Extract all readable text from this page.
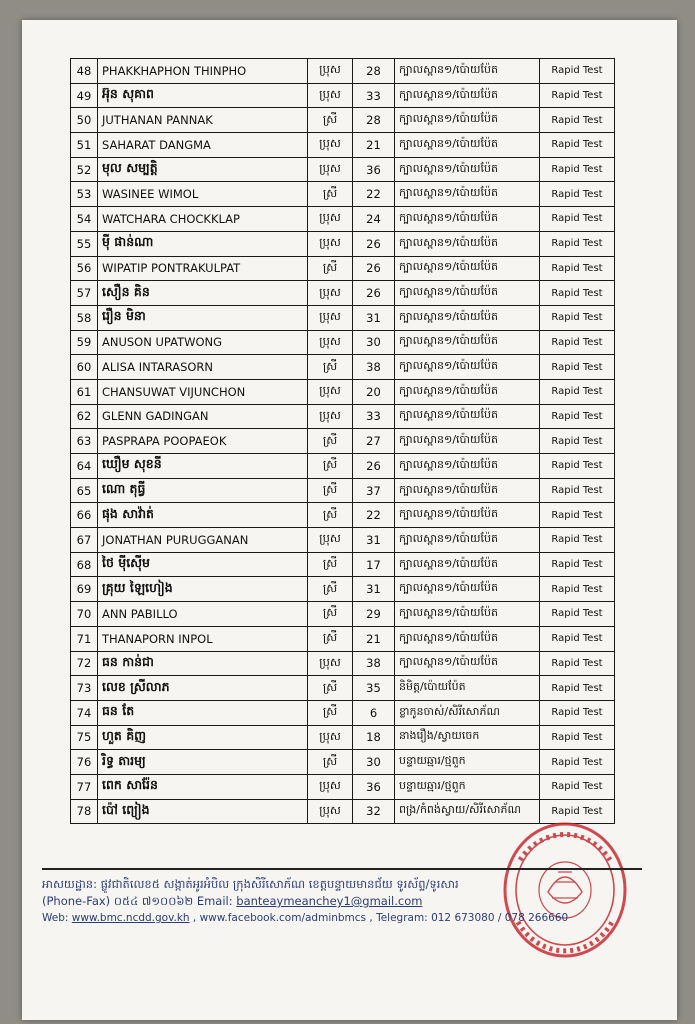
48	PHAKKHAPHON THINPHO	ប្រុស	28	ក្បាលស្ពាន១/ប៉ោយប៉ែត	Rapid Test
49	អ៊ុន សុគាព	ប្រុស	33	ក្បាលស្ពាន១/ប៉ោយប៉ែត	Rapid Test
50	JUTHANAN PANNAK	ស្រី	28	ក្បាលស្ពាន១/ប៉ោយប៉ែត	Rapid Test
51	SAHARAT DANGMA	ប្រុស	21	ក្បាលស្ពាន១/ប៉ោយប៉ែត	Rapid Test
52	មុល សម្បត្តិ	ប្រុស	36	ក្បាលស្ពាន១/ប៉ោយប៉ែត	Rapid Test
53	WASINEE WIMOL	ស្រី	22	ក្បាលស្ពាន១/ប៉ោយប៉ែត	Rapid Test
54	WATCHARA CHOCKKLAP	ប្រុស	24	ក្បាលស្ពាន១/ប៉ោយប៉ែត	Rapid Test
55	ម៉ី ផាន់ណា	ប្រុស	26	ក្បាលស្ពាន១/ប៉ោយប៉ែត	Rapid Test
56	WIPATIP PONTRAKULPAT	ស្រី	26	ក្បាលស្ពាន១/ប៉ោយប៉ែត	Rapid Test
57	សឿន គិន	ប្រុស	26	ក្បាលស្ពាន១/ប៉ោយប៉ែត	Rapid Test
58	រឿន មិនា	ប្រុស	31	ក្បាលស្ពាន១/ប៉ោយប៉ែត	Rapid Test
59	ANUSON UPATWONG	ប្រុស	30	ក្បាលស្ពាន១/ប៉ោយប៉ែត	Rapid Test
60	ALISA INTARASORN	ស្រី	38	ក្បាលស្ពាន១/ប៉ោយប៉ែត	Rapid Test
61	CHANSUWAT VIJUNCHON	ប្រុស	20	ក្បាលស្ពាន១/ប៉ោយប៉ែត	Rapid Test
62	GLENN GADINGAN	ប្រុស	33	ក្បាលស្ពាន១/ប៉ោយប៉ែត	Rapid Test
63	PASPRAPA POOPAEOK	ស្រី	27	ក្បាលស្ពាន១/ប៉ោយប៉ែត	Rapid Test
64	ឃឿម សុខនី	ស្រី	26	ក្បាលស្ពាន១/ប៉ោយប៉ែត	Rapid Test
65	ណោ តុធ្វី	ស្រី	37	ក្បាលស្ពាន១/ប៉ោយប៉ែត	Rapid Test
66	ផុង សាវ៉ាត់	ស្រី	22	ក្បាលស្ពាន១/ប៉ោយប៉ែត	Rapid Test
67	JONATHAN PURUGGANAN	ប្រុស	31	ក្បាលស្ពាន១/ប៉ោយប៉ែត	Rapid Test
68	ថៃ ម៉ីស៊ើម	ស្រី	17	ក្បាលស្ពាន១/ប៉ោយប៉ែត	Rapid Test
69	គ្រុយ ឡៃហៀង	ស្រី	31	ក្បាលស្ពាន១/ប៉ោយប៉ែត	Rapid Test
70	ANN PABILLO	ស្រី	29	ក្បាលស្ពាន១/ប៉ោយប៉ែត	Rapid Test
71	THANAPORN INPOL	ស្រី	21	ក្បាលស្ពាន១/ប៉ោយប៉ែត	Rapid Test
72	ធន កាន់ជា	ប្រុស	38	ក្បាលស្ពាន១/ប៉ោយប៉ែត	Rapid Test
73	លេខ ស្រីលាភ	ស្រី	35	និមិត្ត/ប៉ោយប៉ែត	Rapid Test
74	ធន តែ	ស្រី	6	ខ្លាកូនចាស់/សិរីសោភ័ណ	Rapid Test
75	ហួត គិញ	ប្រុស	18	នាងរឿង/ស្វាយចេក	Rapid Test
76	រិទ្ធ តារម្យ	ស្រី	30	បន្ទាយឆ្មារ/ថ្មពួក	Rapid Test
77	ពេក សារ៉ែន	ប្រុស	36	បន្ទាយឆ្មារ/ថ្មពួក	Rapid Test
78	ប៉ៅ ព្យៀង	ប្រុស	32	ពង្រ/កំពង់ស្វាយ/សិរីសោភ័ណ	Rapid Test
អាសយដ្ឋាន: ផ្លូវជាតិលេខ៥ សង្កាត់អូរអំបិល ក្រុងសិរីសោភ័ណ ខេត្តបន្ទាយមានជ័យ ទូរស័ព្ទ/ទូរសារ
(Phone-Fax) ០៥៤ ៧១០០៦២ Email: banteaymeanchey1@gmail.com
Web: www.bmc.ncdd.gov.kh , www.facebook.com/adminbmcs , Telegram: 012 673080 / 078 266660
